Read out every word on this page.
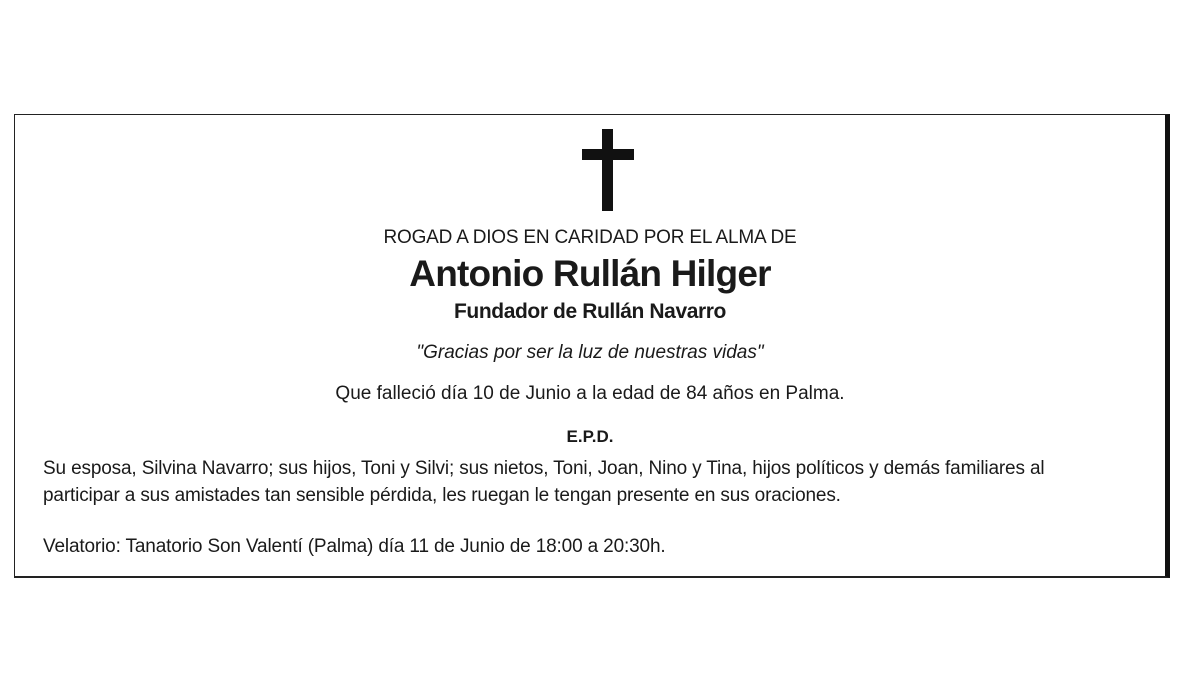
ROGAD A DIOS EN CARIDAD POR EL ALMA DE
Antonio Rullán Hilger
Fundador de Rullán Navarro
"Gracias por ser la luz de nuestras vidas"
Que falleció día 10 de Junio a la edad de 84 años en Palma.
E.P.D.
Su esposa, Silvina Navarro; sus hijos, Toni y Silvi; sus nietos, Toni, Joan, Nino y Tina, hijos políticos y demás familiares al
participar a sus amistades tan sensible pérdida, les ruegan le tengan presente en sus oraciones.
Velatorio: Tanatorio Son Valentí (Palma) día 11 de Junio de 18:00 a 20:30h.
